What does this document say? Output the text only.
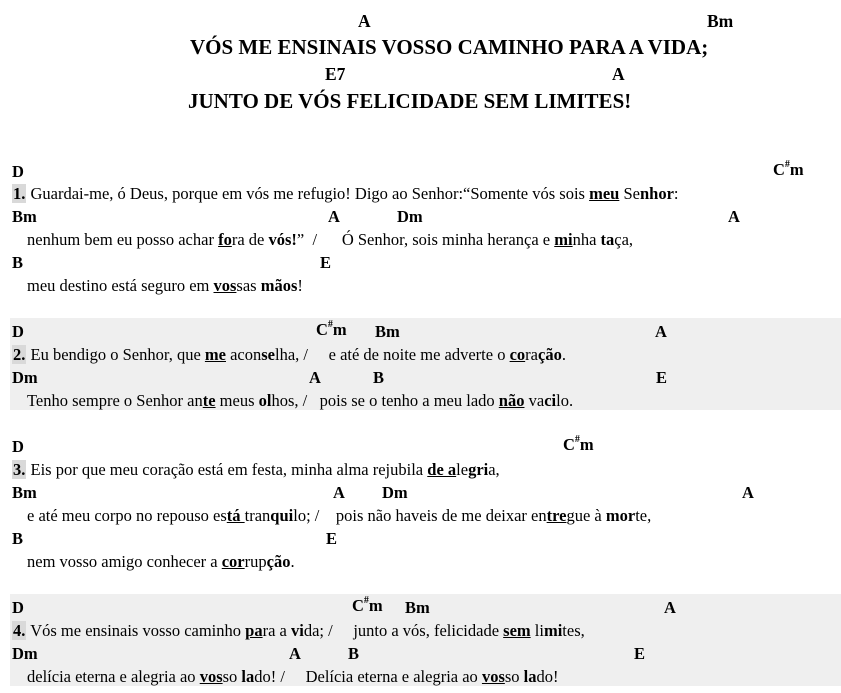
A	Bm
VÓS ME ENSINAIS VOSSO CAMINHO PARA A VIDA;
E7	A
JUNTO DE VÓS FELICIDADE SEM LIMITES!
D	C#m
1. Guardai-me, ó Deus, porque em vós me refugio! Digo ao Senhor:“Somente vós sois meu Senhor:
Bm	A	Dm	A
nenhum bem eu posso achar fora de vós!”  /      Ó Senhor, sois minha herança e minha taça,
B	E
meu destino está seguro em vossas mãos!
D	C#m Bm	A
2. Eu bendigo o Senhor, que me aconselha, /     e até de noite me adverte o coração.
Dm	A	B	E
Tenho sempre o Senhor ante meus olhos, /   pois se o tenho a meu lado não vacilo.
D	C#m
3. Eis por que meu coração está em festa, minha alma rejubila de alegria,
Bm	A Dm	A
e até meu corpo no repouso está tranquilo; /    pois não haveis de me deixar entregue à morte,
B	E
nem vosso amigo conhecer a corrupção.
D	C#m Bm	A
4. Vós me ensinais vosso caminho para a vida; /     junto a vós, felicidade sem limites,
Dm	A	B	E
delícia eterna e alegria ao vosso lado! /     Delícia eterna e alegria ao vosso lado!
